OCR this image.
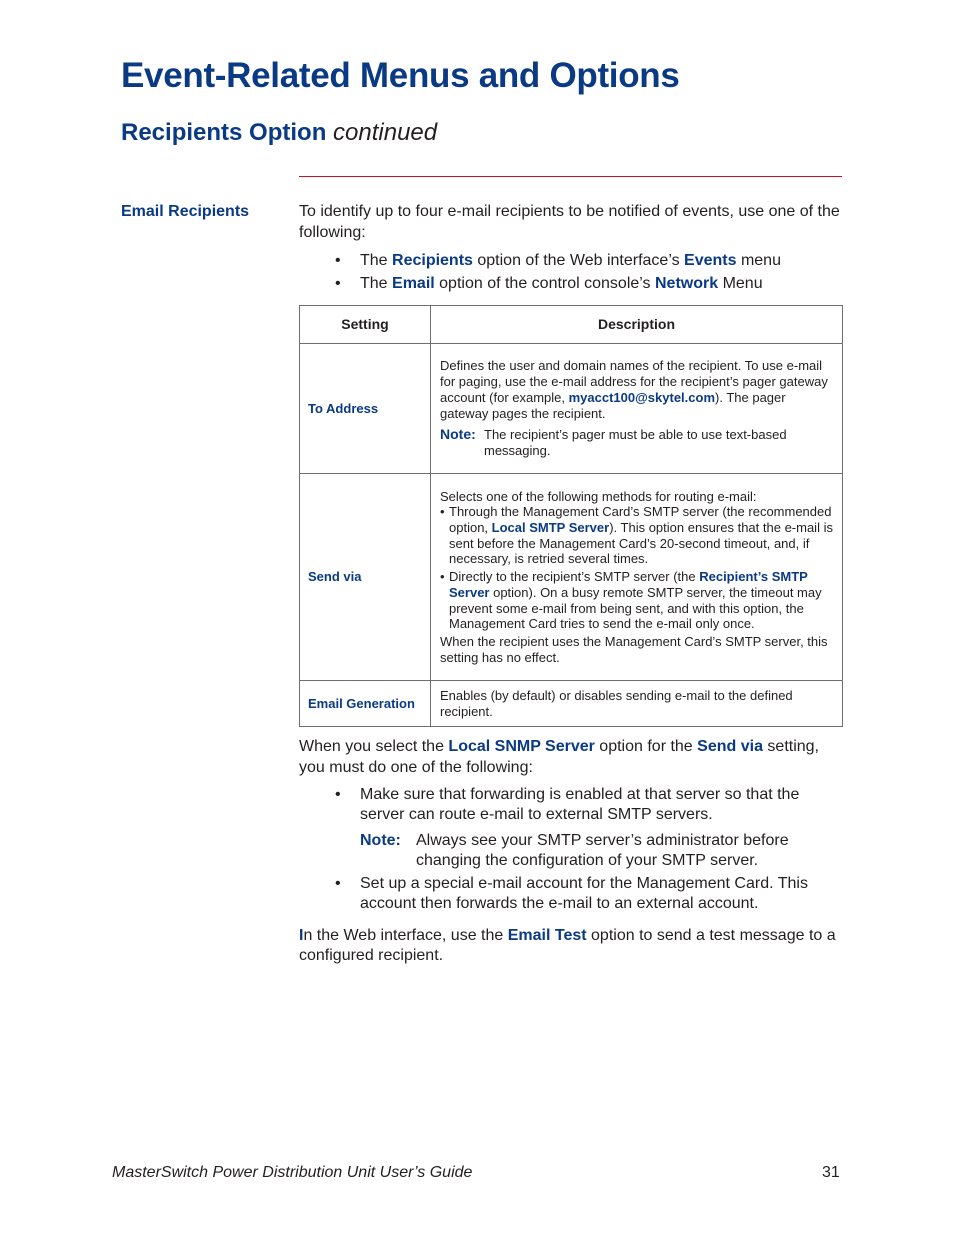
Event-Related Menus and Options
Recipients Option continued
Email Recipients	To identify up to four e-mail recipients to be notified of events, use one of the following:
• The Recipients option of the Web interface’s Events menu
• The Email option of the control console’s Network Menu
Setting	Description
To Address	Defines the user and domain names of the recipient. To use e-mail for paging, use the e-mail address for the recipient’s pager gateway account (for example, myacct100@skytel.com). The pager gateway pages the recipient.
Note: The recipient’s pager must be able to use text-based messaging.

Send via	Selects one of the following methods for routing e-mail:
• Through the Management Card’s SMTP server (the recommended option, Local SMTP Server). This option ensures that the e-mail is sent before the Management Card’s 20-second timeout, and, if necessary, is retried several times.
• Directly to the recipient’s SMTP server (the Recipient’s SMTP Server option). On a busy remote SMTP server, the timeout may prevent some e-mail from being sent, and with this option, the Management Card tries to send the e-mail only once.
When the recipient uses the Management Card’s SMTP server, this setting has no effect.

Email Generation	Enables (by default) or disables sending e-mail to the defined recipient.
When you select the Local SNMP Server option for the Send via setting, you must do one of the following:
• Make sure that forwarding is enabled at that server so that the server can route e-mail to external SMTP servers.
Note: Always see your SMTP server’s administrator before changing the configuration of your SMTP server.
• Set up a special e-mail account for the Management Card. This account then forwards the e-mail to an external account.
In the Web interface, use the Email Test option to send a test message to a configured recipient.
MasterSwitch Power Distribution Unit User’s Guide	31
